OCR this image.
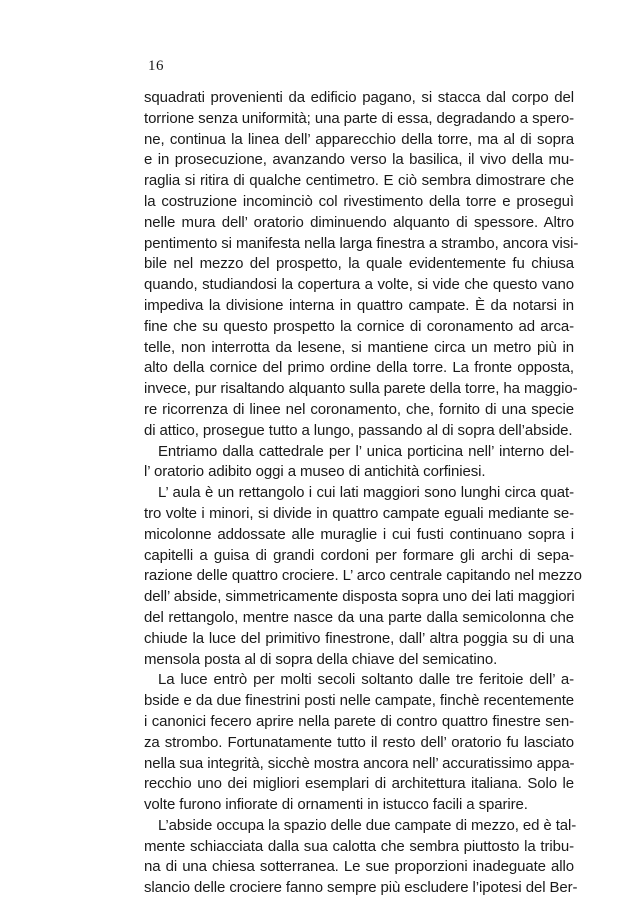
16
squadrati provenienti da edificio pagano, si stacca dal corpo del
torrione senza uniformità; una parte di essa, degradando a spero-
ne, continua la linea dell’ apparecchio della torre, ma al di sopra
e in prosecuzione, avanzando verso la basilica, il vivo della mu-
raglia si ritira di qualche centimetro. E ciò sembra dimostrare che
la costruzione incominciò col rivestimento della torre e proseguì
nelle mura dell’ oratorio diminuendo alquanto di spessore. Altro
pentimento si manifesta nella larga finestra a strambo, ancora visi-
bile nel mezzo del prospetto, la quale evidentemente fu chiusa
quando, studiandosi la copertura a volte, si vide che questo vano
impediva la divisione interna in quattro campate. È da notarsi in
fine che su questo prospetto la cornice di coronamento ad arca-
telle, non interrotta da lesene, si mantiene circa un metro più in
alto della cornice del primo ordine della torre. La fronte opposta,
invece, pur risaltando alquanto sulla parete della torre, ha maggio-
re ricorrenza di linee nel coronamento, che, fornito di una specie
di attico, prosegue tutto a lungo, passando al di sopra dell’abside.
Entriamo dalla cattedrale per l’ unica porticina nell’ interno del-
l’ oratorio adibito oggi a museo di antichità corfiniesi.
L’ aula è un rettangolo i cui lati maggiori sono lunghi circa quat-
tro volte i minori, si divide in quattro campate eguali mediante se-
micolonne addossate alle muraglie i cui fusti continuano sopra i
capitelli a guisa di grandi cordoni per formare gli archi di sepa-
razione delle quattro crociere. L’ arco centrale capitando nel mezzo
dell’ abside, simmetricamente disposta sopra uno dei lati maggiori
del rettangolo, mentre nasce da una parte dalla semicolonna che
chiude la luce del primitivo finestrone, dall’ altra poggia su di una
mensola posta al di sopra della chiave del semicatino.
La luce entrò per molti secoli soltanto dalle tre feritoie dell’ a-
bside e da due finestrini posti nelle campate, finchè recentemente
i canonici fecero aprire nella parete di contro quattro finestre sen-
za strombo. Fortunatamente tutto il resto dell’ oratorio fu lasciato
nella sua integrità, sicchè mostra ancora nell’ accuratissimo appa-
recchio uno dei migliori esemplari di architettura italiana. Solo le
volte furono infiorate di ornamenti in istucco facili a sparire.
L’abside occupa la spazio delle due campate di mezzo, ed è tal-
mente schiacciata dalla sua calotta che sembra piuttosto la tribu-
na di una chiesa sotterranea. Le sue proporzioni inadeguate allo
slancio delle crociere fanno sempre più escludere l’ipotesi del Ber-
